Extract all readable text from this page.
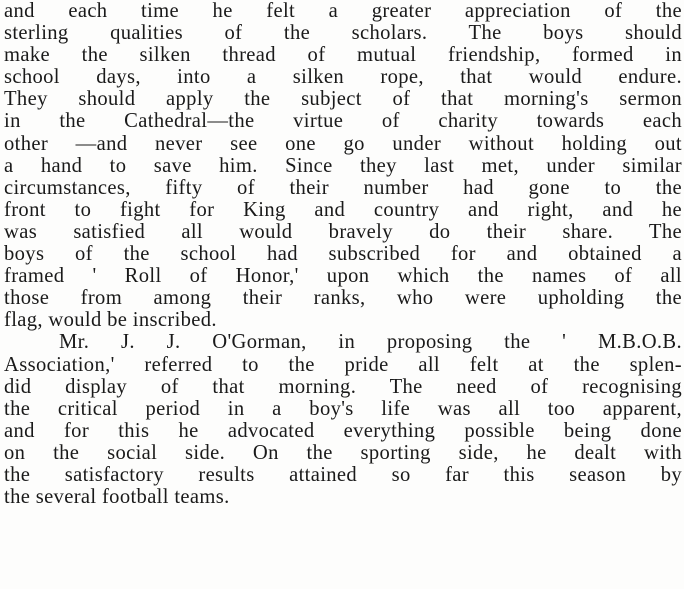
and each time he felt a greater appreciation of the
sterling qualities of the scholars. The boys should
make the silken thread of mutual friendship, formed in
school days, into a silken rope, that would endure.
They should apply the subject of that morning's sermon
in the Cathedral—the virtue of charity towards each
other —and never see one go under without holding out
a hand to save him. Since they last met, under similar
circumstances, fifty of their number had gone to the
front to fight for King and country and right, and he
was satisfied all would bravely do their share. The
boys of the school had subscribed for and obtained a
framed ' Roll of Honor,' upon which the names of all
those from among their ranks, who were upholding the
flag, would be inscribed.
Mr. J. J. O'Gorman, in proposing the ' M.B.O.B.
Association,' referred to the pride all felt at the splen-
did display of that morning. The need of recognising
the critical period in a boy's life was all too apparent,
and for this he advocated everything possible being done
on the social side. On the sporting side, he dealt with
the satisfactory results attained so far this season by
the several football teams.
